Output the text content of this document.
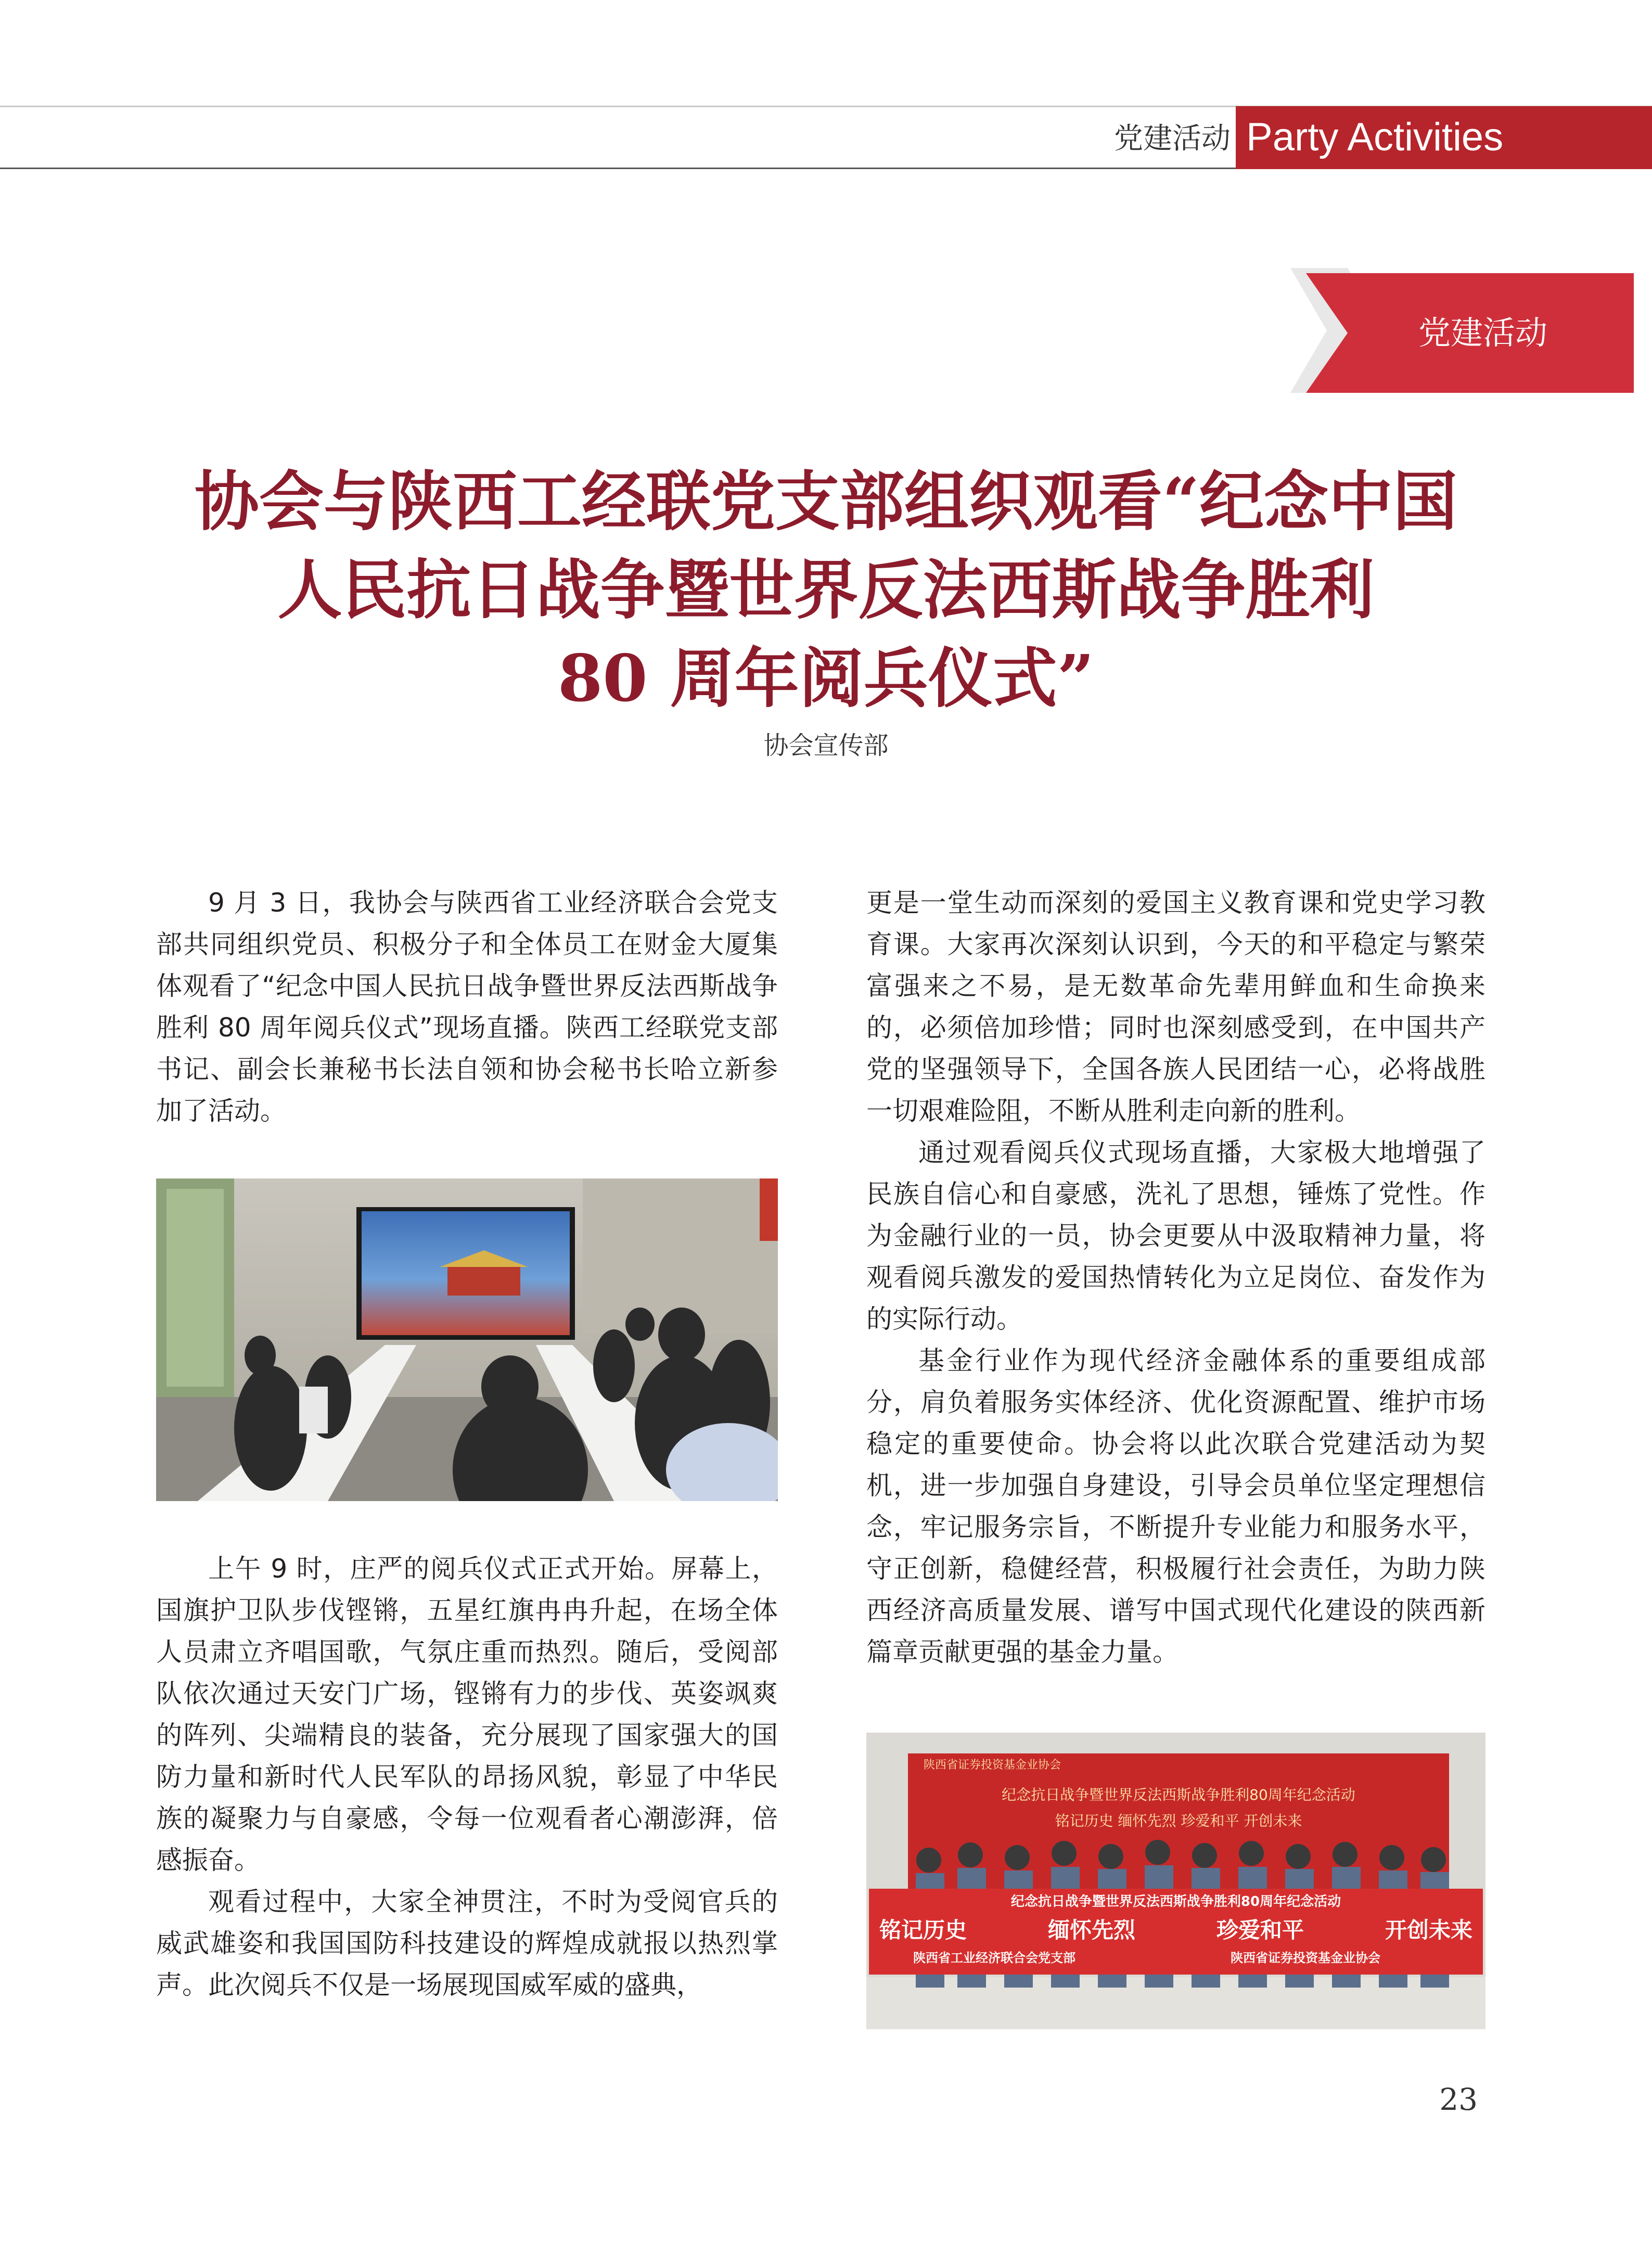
党建活动 Party Activities
党建活动
协会与陕西工经联党支部组织观看“纪念中国
人民抗日战争暨世界反法西斯战争胜利
80 周年阅兵仪式”
协会宣传部

9 月 3 日，我协会与陕西省工业经济联合会党支部共同组织党员、积极分子和全体员工在财金大厦集体观看了“纪念中国人民抗日战争暨世界反法西斯战争胜利 80 周年阅兵仪式”现场直播。陕西工经联党支部书记、副会长兼秘书长法自领和协会秘书长哈立新参加了活动。

上午 9 时，庄严的阅兵仪式正式开始。屏幕上，国旗护卫队步伐铿锵，五星红旗冉冉升起，在场全体人员肃立齐唱国歌，气氛庄重而热烈。随后，受阅部队依次通过天安门广场，铿锵有力的步伐、英姿飒爽的阵列、尖端精良的装备，充分展现了国家强大的国防力量和新时代人民军队的昂扬风貌，彰显了中华民族的凝聚力与自豪感，令每一位观看者心潮澎湃，倍感振奋。

观看过程中，大家全神贯注，不时为受阅官兵的威武雄姿和我国国防科技建设的辉煌成就报以热烈掌声。此次阅兵不仅是一场展现国威军威的盛典，

更是一堂生动而深刻的爱国主义教育课和党史学习教育课。大家再次深刻认识到，今天的和平稳定与繁荣富强来之不易，是无数革命先辈用鲜血和生命换来的，必须倍加珍惜；同时也深刻感受到，在中国共产党的坚强领导下，全国各族人民团结一心，必将战胜一切艰难险阻，不断从胜利走向新的胜利。

通过观看阅兵仪式现场直播，大家极大地增强了民族自信心和自豪感，洗礼了思想，锤炼了党性。作为金融行业的一员，协会更要从中汲取精神力量，将观看阅兵激发的爱国热情转化为立足岗位、奋发作为的实际行动。

基金行业作为现代经济金融体系的重要组成部分，肩负着服务实体经济、优化资源配置、维护市场稳定的重要使命。协会将以此次联合党建活动为契机，进一步加强自身建设，引导会员单位坚定理想信念，牢记服务宗旨，不断提升专业能力和服务水平，守正创新，稳健经营，积极履行社会责任，为助力陕西经济高质量发展、谱写中国式现代化建设的陕西新篇章贡献更强的基金力量。

陕西省证券投资基金业协会
纪念抗日战争暨世界反法西斯战争胜利80周年纪念活动
铭记历史 缅怀先烈 珍爱和平 开创未来
纪念抗日战争暨世界反法西斯战争胜利80周年纪念活动
铭记历史	缅怀先烈	珍爱和平	开创未来
陕西省工业经济联合会党支部	陕西省证券投资基金业协会
23
